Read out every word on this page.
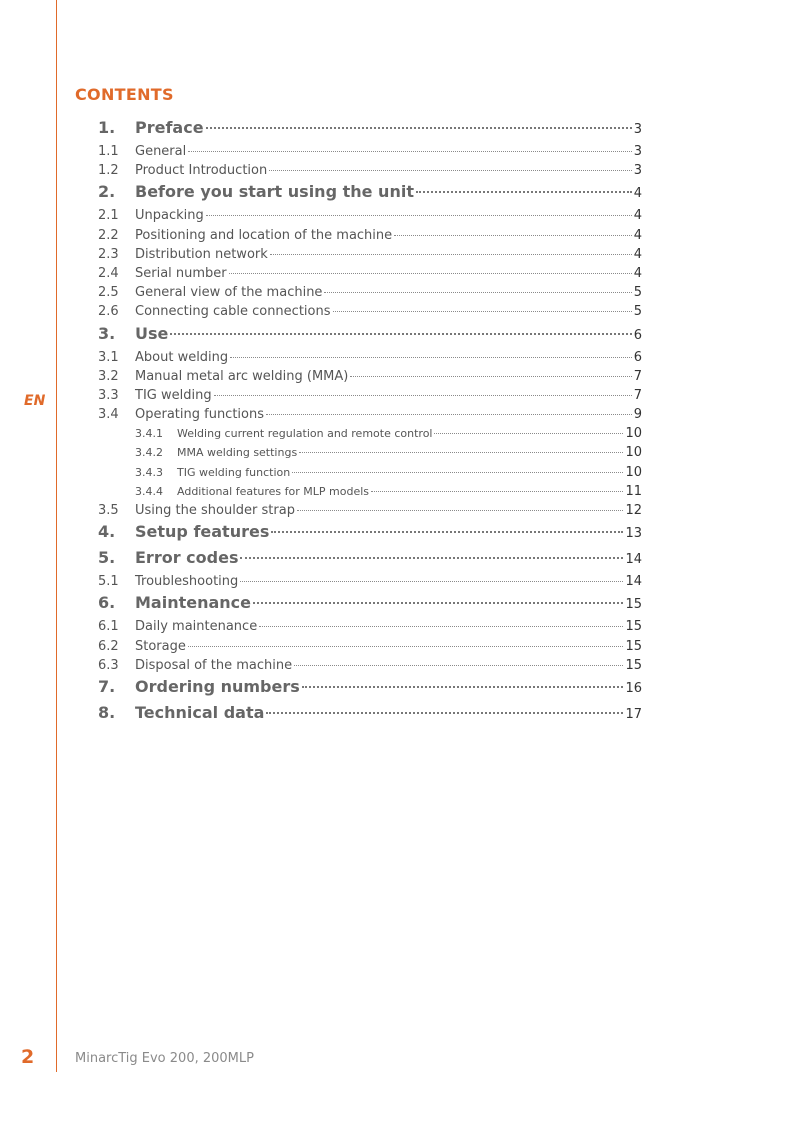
EN
CONTENTS
1.	Preface	3
1.1	General	3
1.2	Product Introduction	3
2.	Before you start using the unit	4
2.1	Unpacking	4
2.2	Positioning and location of the machine	4
2.3	Distribution network	4
2.4	Serial number	4
2.5	General view of the machine	5
2.6	Connecting cable connections	5
3.	Use	6
3.1	About welding	6
3.2	Manual metal arc welding (MMA)	7
3.3	TIG welding	7
3.4	Operating functions	9
3.4.1	Welding current regulation and remote control	10
3.4.2	MMA welding settings	10
3.4.3	TIG welding function	10
3.4.4	Additional features for MLP models	11
3.5	Using the shoulder strap	12
4.	Setup features	13
5.	Error codes	14
5.1	Troubleshooting	14
6.	Maintenance	15
6.1	Daily maintenance	15
6.2	Storage	15
6.3	Disposal of the machine	15
7.	Ordering numbers	16
8.	Technical data	17
2	MinarcTig Evo 200, 200MLP
